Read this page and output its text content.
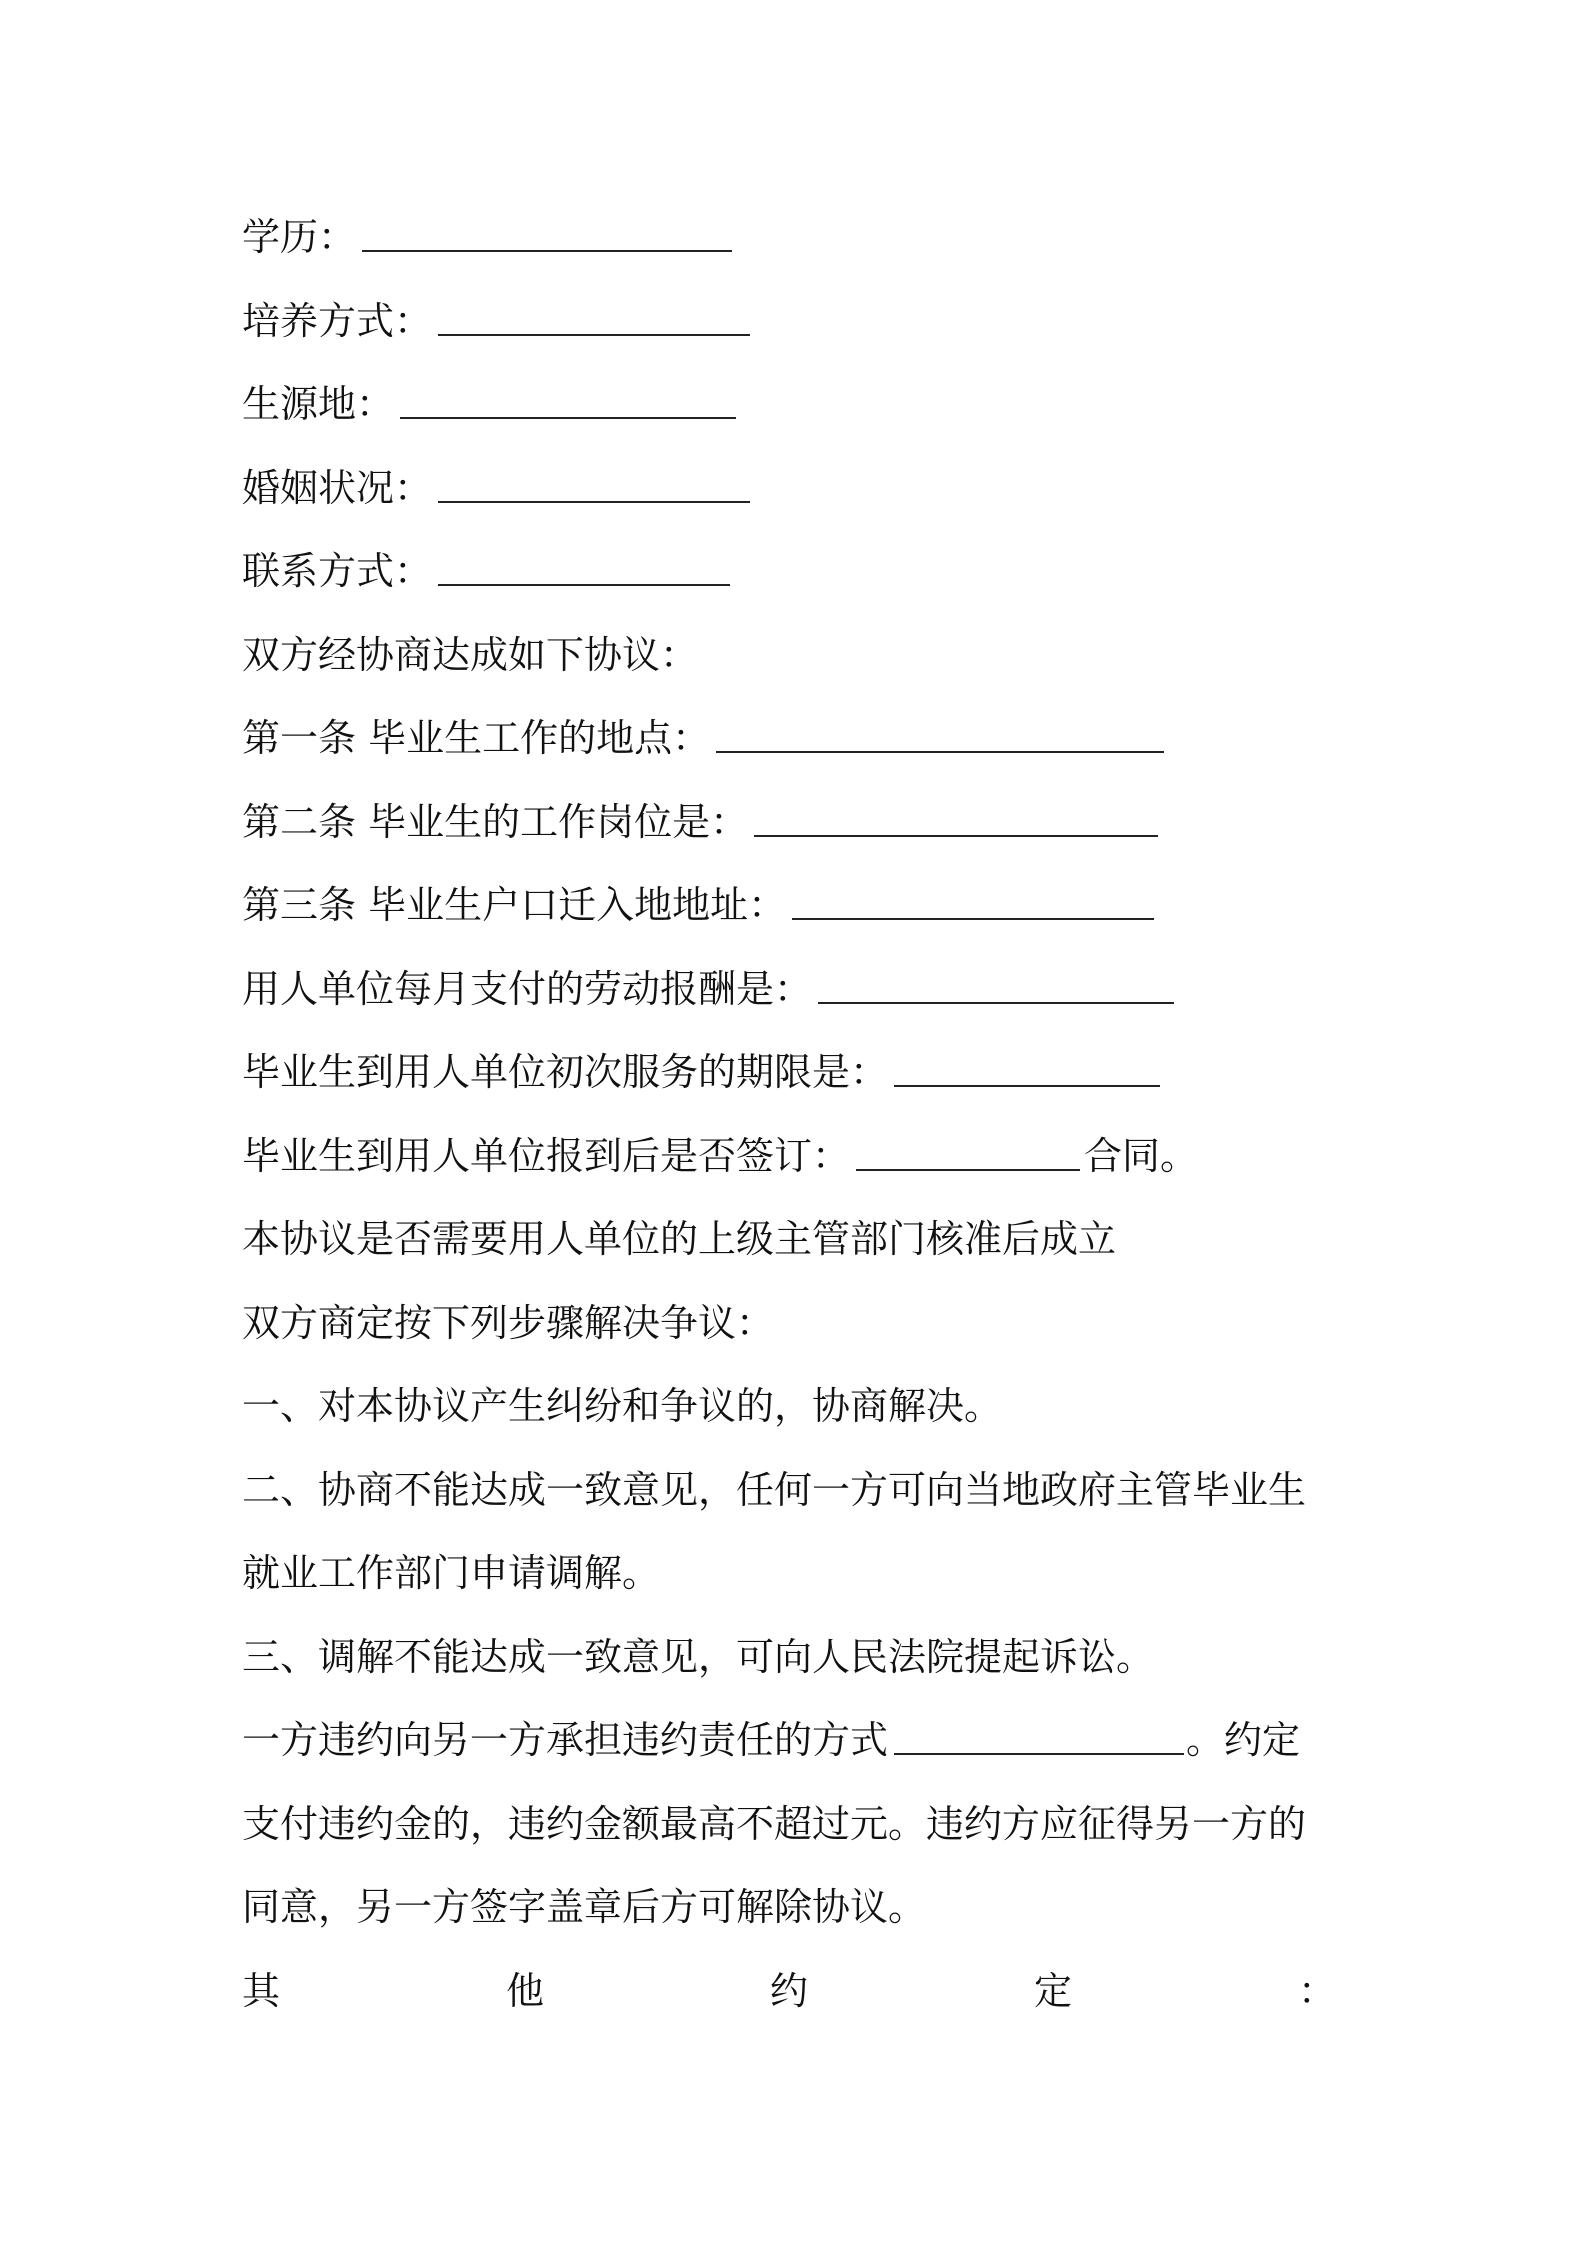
学历：
培养方式：
生源地：
婚姻状况：
联系方式：
双方经协商达成如下协议：
第一条 毕业生工作的地点：
第二条 毕业生的工作岗位是：
第三条 毕业生户口迁入地地址：
用人单位每月支付的劳动报酬是：
毕业生到用人单位初次服务的期限是：
毕业生到用人单位报到后是否签订：	合同。
本协议是否需要用人单位的上级主管部门核准后成立
双方商定按下列步骤解决争议：
一、对本协议产生纠纷和争议的，协商解决。
二、协商不能达成一致意见，任何一方可向当地政府主管毕业生
就业工作部门申请调解。
三、调解不能达成一致意见，可向人民法院提起诉讼。
一方违约向另一方承担违约责任的方式	。约定
支付违约金的，违约金额最高不超过元。违约方应征得另一方的
同意，另一方签字盖章后方可解除协议。
其	他	约	定	：
